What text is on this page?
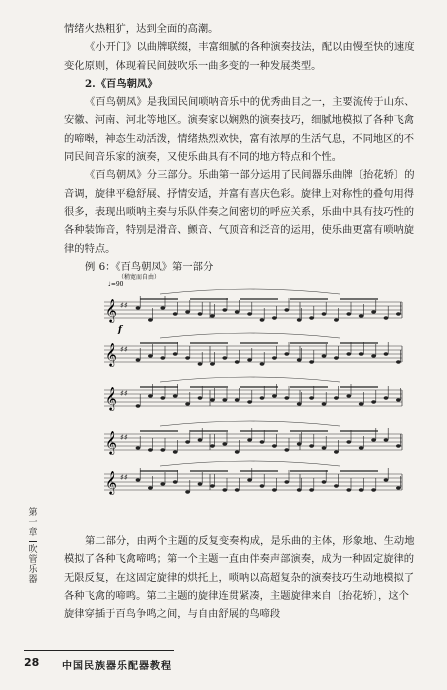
情绪火热粗犷，达到全面的高潮。

《小开门》以曲牌联缀，丰富细腻的各种演奏技法，配以由慢至快的速度变化原则，体现着民间鼓吹乐一曲多变的一种发展类型。

2.《百鸟朝凤》

《百鸟朝凤》是我国民间唢呐音乐中的优秀曲目之一，主要流传于山东、安徽、河南、河北等地区。演奏家以娴熟的演奏技巧，细腻地模拟了各种飞禽的啼啭，神态生动活泼，情绪热烈欢快，富有浓厚的生活气息，不同地区的不同民间音乐家的演奏，又使乐曲具有不同的地方特点和个性。

《百鸟朝凤》分三部分。乐曲第一部分运用了民间器乐曲牌〔抬花轿〕的音调，旋律平稳舒展、抒情安适，并富有喜庆色彩。旋律上对称性的叠句用得很多，表现出唢呐主奏与乐队伴奏之间密切的呼应关系，乐曲中具有技巧性的各种装饰音，特别是滑音、颤音、气顶音和泛音的运用，使乐曲更富有唢呐旋律的特点。

例 6：《百鸟朝凤》第一部分

（稍宽而自由）
♩=90
f
𝄞 ♯♯
𝄞 ♯♯
𝄞 ♯♯
𝄞 ♯♯
𝄞 ♯♯

第二部分，由两个主题的反复变奏构成，是乐曲的主体，形象地、生动地模拟了各种飞禽啼鸣；第一个主题一直由伴奏声部演奏，成为一种固定旋律的无限反复，在这固定旋律的烘托上，唢呐以高超复杂的演奏技巧生动地模拟了各种飞禽的啼鸣。第二主题的旋律连贯紧凑，主题旋律来自〔抬花轿〕，这个旋律穿插于百鸟争鸣之间，与自由舒展的鸟啼段

第
一
章
吹
管
乐
器
28 中国民族器乐配器教程
